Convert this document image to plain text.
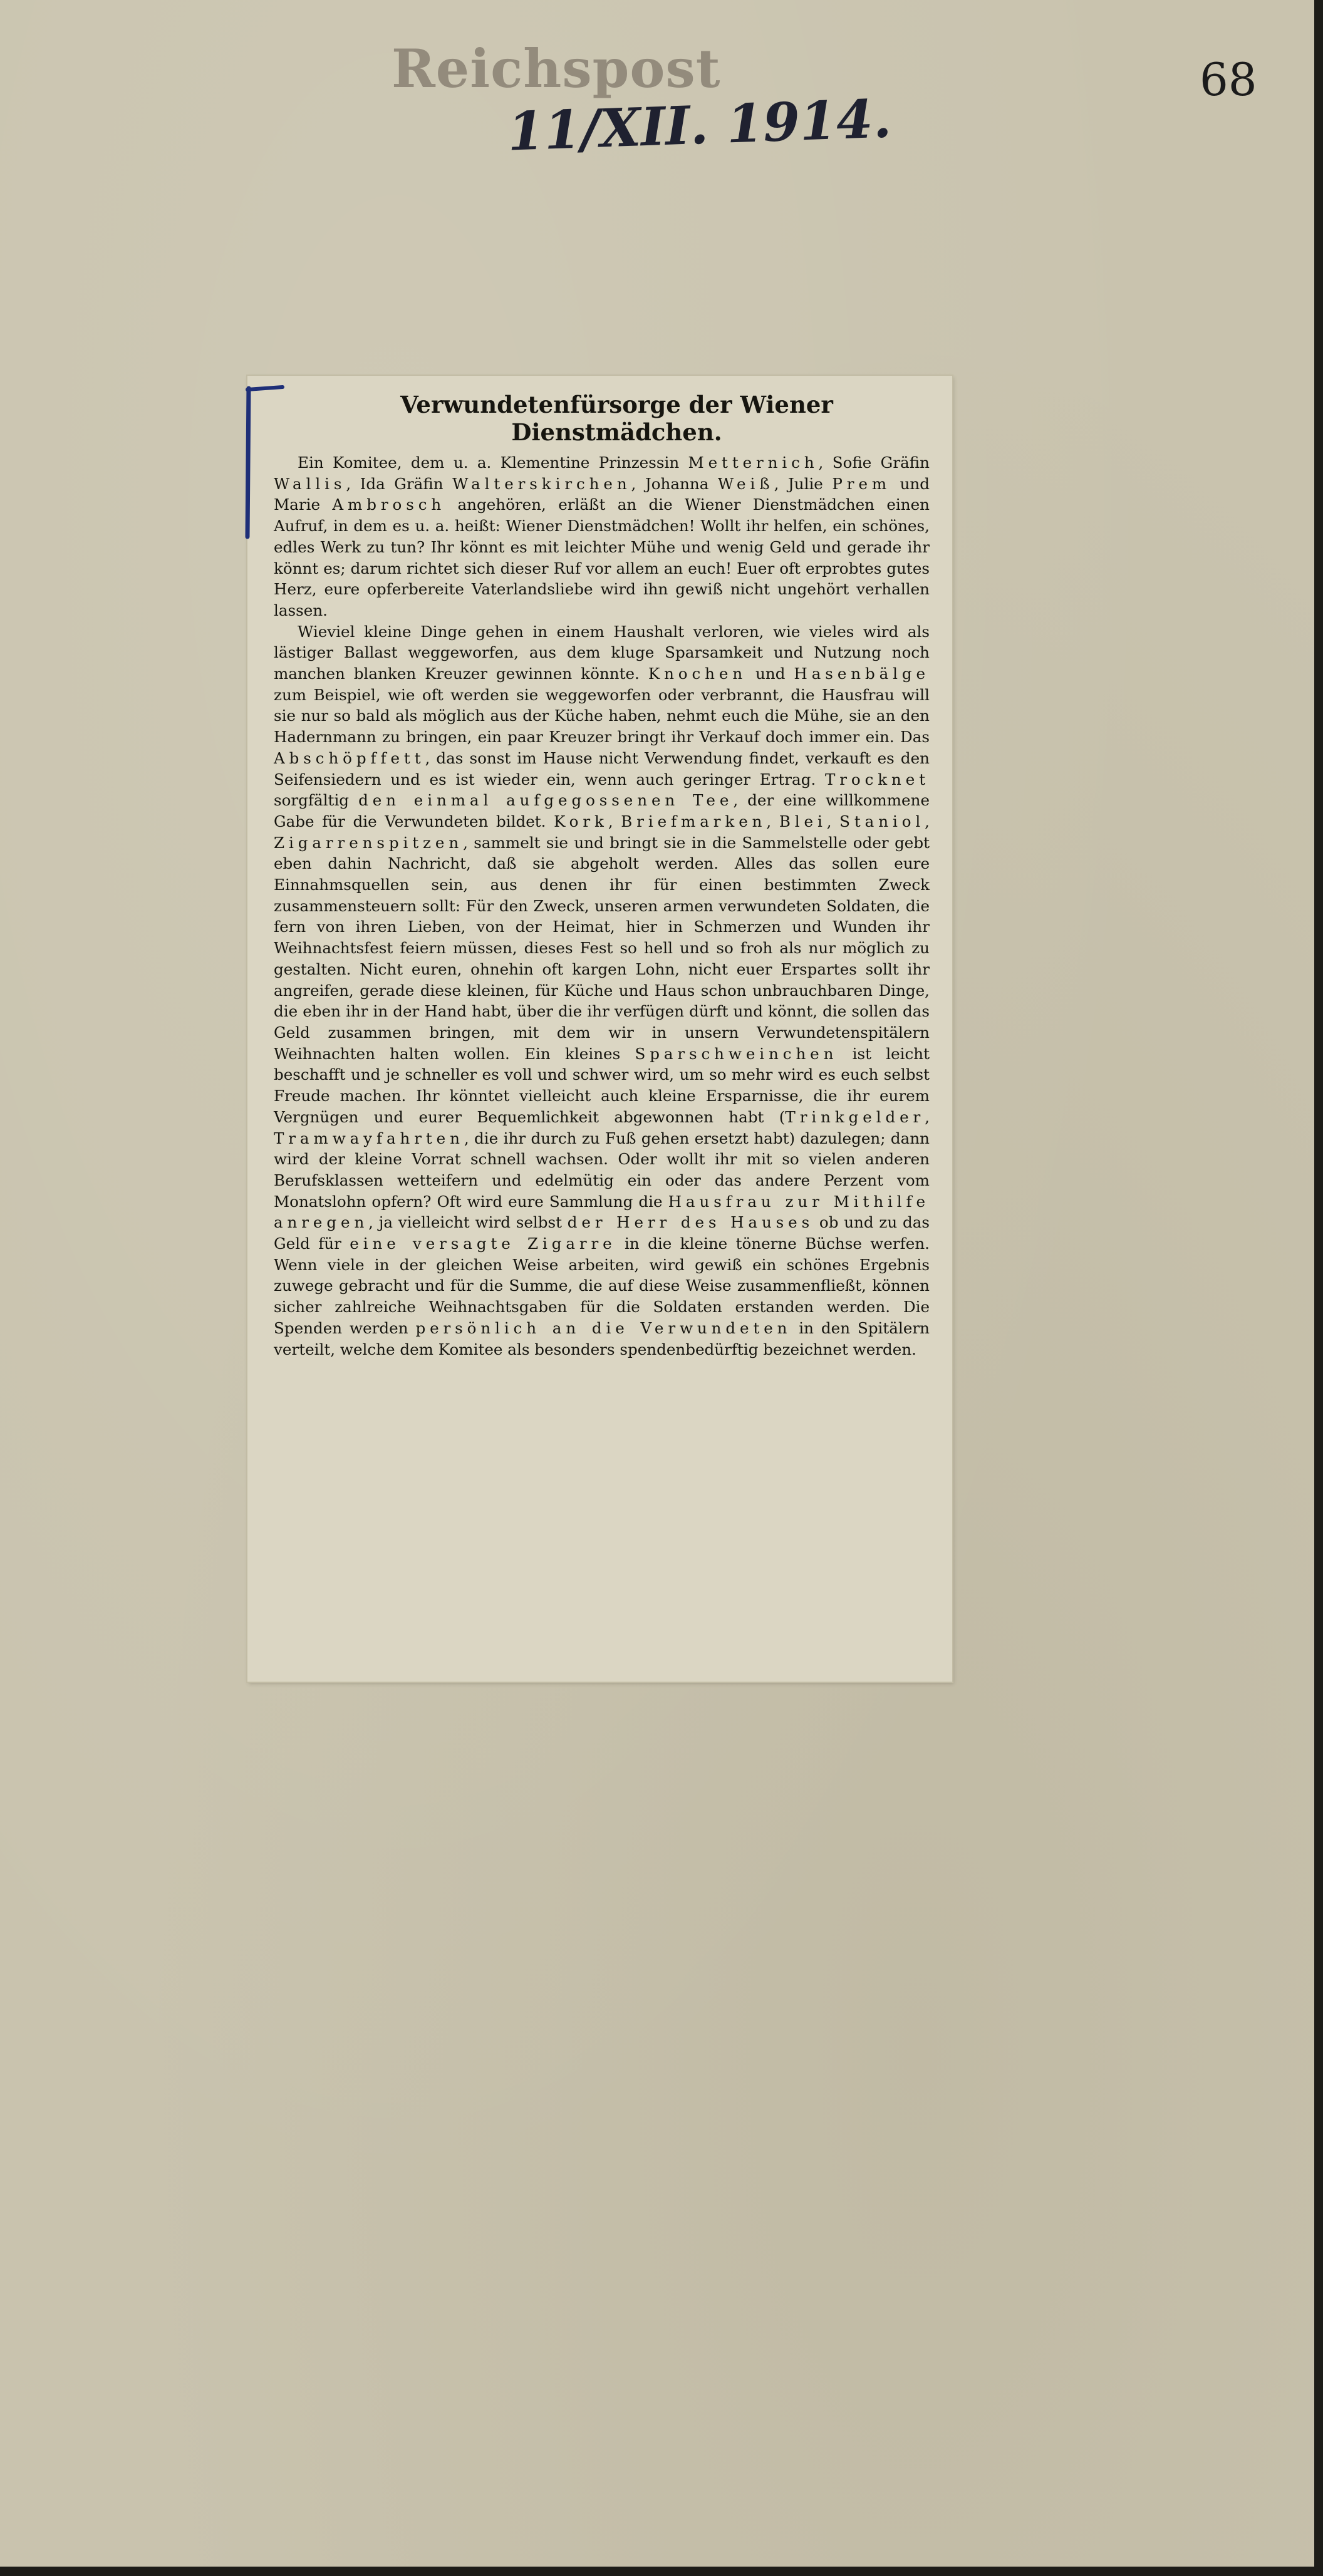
Reichspost
11/XII. 1914.
68
Verwundetenfürsorge der Wiener Dienstmädchen.

Ein Komitee, dem u. a. Klementine Prinzessin Metternich, Sofie Gräfin Wallis, Ida Gräfin Walterskirchen, Johanna Weiß, Julie Prem und Marie Ambrosch angehören, erläßt an die Wiener Dienstmädchen einen Aufruf, in dem es u. a. heißt: Wiener Dienstmädchen! Wollt ihr helfen, ein schönes, edles Werk zu tun? Ihr könnt es mit leichter Mühe und wenig Geld und gerade ihr könnt es; darum richtet sich dieser Ruf vor allem an euch! Euer oft erprobtes gutes Herz, eure opferbereite Vaterlandsliebe wird ihn gewiß nicht ungehört verhallen lassen.

Wieviel kleine Dinge gehen in einem Haushalt verloren, wie vieles wird als lästiger Ballast weggeworfen, aus dem kluge Sparsamkeit und Nutzung noch manchen blanken Kreuzer gewinnen könnte. Knochen und Hasenbälge zum Beispiel, wie oft werden sie weggeworfen oder verbrannt, die Hausfrau will sie nur so bald als möglich aus der Küche haben, nehmt euch die Mühe, sie an den Hadernmann zu bringen, ein paar Kreuzer bringt ihr Verkauf doch immer ein. Das Abschöpffett, das sonst im Hause nicht Verwendung findet, verkauft es den Seifensiedern und es ist wieder ein, wenn auch geringer Ertrag. Trocknet sorgfältig den einmal aufgegossenen Tee, der eine willkommene Gabe für die Verwundeten bildet. Kork, Briefmarken, Blei, Staniol, Zigarrenspitzen, sammelt sie und bringt sie in die Sammelstelle oder gebt eben dahin Nachricht, daß sie abgeholt werden. Alles das sollen eure Einnahmsquellen sein, aus denen ihr für einen bestimmten Zweck zusammensteuern sollt: Für den Zweck, unseren armen verwundeten Soldaten, die fern von ihren Lieben, von der Heimat, hier in Schmerzen und Wunden ihr Weihnachtsfest feiern müssen, dieses Fest so hell und so froh als nur möglich zu gestalten. Nicht euren, ohnehin oft kargen Lohn, nicht euer Erspartes sollt ihr angreifen, gerade diese kleinen, für Küche und Haus schon unbrauchbaren Dinge, die eben ihr in der Hand habt, über die ihr verfügen dürft und könnt, die sollen das Geld zusammen bringen, mit dem wir in unsern Verwundetenspitälern Weihnachten halten wollen. Ein kleines Sparschweinchen ist leicht beschafft und je schneller es voll und schwer wird, um so mehr wird es euch selbst Freude machen. Ihr könntet vielleicht auch kleine Ersparnisse, die ihr eurem Vergnügen und eurer Bequemlichkeit abgewonnen habt (Trinkgelder, Tramwayfahrten, die ihr durch zu Fuß gehen ersetzt habt) dazulegen; dann wird der kleine Vorrat schnell wachsen. Oder wollt ihr mit so vielen anderen Berufsklassen wetteifern und edelmütig ein oder das andere Perzent vom Monatslohn opfern? Oft wird eure Sammlung die Hausfrau zur Mithilfe anregen, ja vielleicht wird selbst der Herr des Hauses ob und zu das Geld für eine versagte Zigarre in die kleine tönerne Büchse werfen. Wenn viele in der gleichen Weise arbeiten, wird gewiß ein schönes Ergebnis zuwege gebracht und für die Summe, die auf diese Weise zusammenfließt, können sicher zahlreiche Weihnachtsgaben für die Soldaten erstanden werden. Die Spenden werden persönlich an die Verwundeten in den Spitälern verteilt, welche dem Komitee als besonders spendenbedürftig bezeichnet werden.
